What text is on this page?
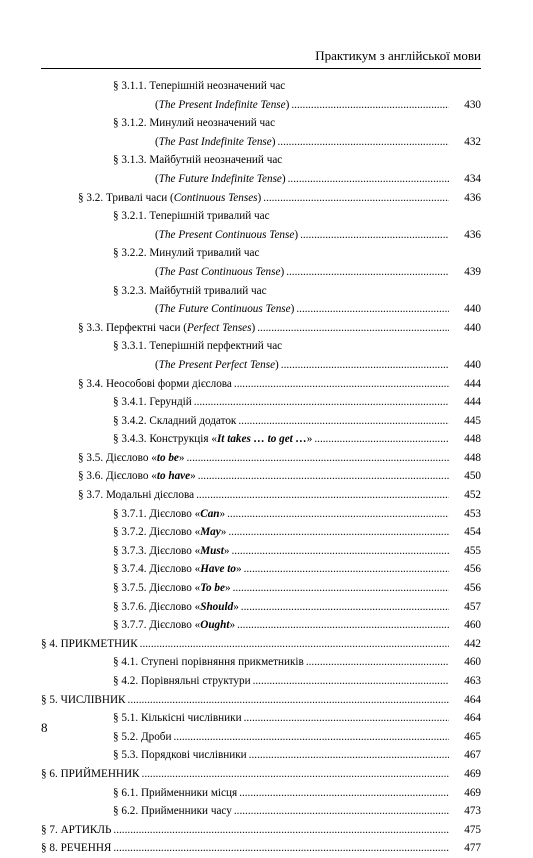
Практикум з англійської мови
§ 3.1.1. Теперішній неозначений час
(The Present Indefinite Tense) .....	430
§ 3.1.2. Минулий неозначений час
(The Past Indefinite Tense) .....	432
§ 3.1.3. Майбутній неозначений час
(The Future Indefinite Tense) .....	434
§ 3.2. Тривалі часи (Continuous Tenses) .....	436
§ 3.2.1. Теперішній тривалий час
(The Present Continuous Tense) .....	436
§ 3.2.2. Минулий тривалий час
(The Past Continuous Tense) .....	439
§ 3.2.3. Майбутній тривалий час
(The Future Continuous Tense) .....	440
§ 3.3. Перфектні часи (Perfect Tenses) .....	440
§ 3.3.1. Теперішній перфектний час
(The Present Perfect Tense) .....	440
§ 3.4. Неособові форми дієслова .....	444
§ 3.4.1. Герундій .....	444
§ 3.4.2. Складний додаток .....	445
§ 3.4.3. Конструкція «It takes … to get …» .....	448
§ 3.5. Дієслово «to be» .....	448
§ 3.6. Дієслово «to have» .....	450
§ 3.7. Модальні дієслова .....	452
§ 3.7.1. Дієслово «Can» .....	453
§ 3.7.2. Дієслово «May» .....	454
§ 3.7.3. Дієслово «Must» .....	455
§ 3.7.4. Дієслово «Have to» .....	456
§ 3.7.5. Дієслово «To be» .....	456
§ 3.7.6. Дієслово «Should» .....	457
§ 3.7.7. Дієслово «Ought» .....	460
§ 4. ПРИКМЕТНИК .....	442
§ 4.1. Ступені порівняння прикметників .....	460
§ 4.2. Порівняльні структури .....	463
§ 5. ЧИСЛІВНИК .....	464
§ 5.1. Кількісні числівники .....	464
§ 5.2. Дроби .....	465
§ 5.3. Порядкові числівники .....	467
§ 6. ПРИЙМЕННИК .....	469
§ 6.1. Прийменники місця .....	469
§ 6.2. Прийменники часу .....	473
§ 7. АРТИКЛЬ .....	475
§ 8. РЕЧЕННЯ .....	477
8
